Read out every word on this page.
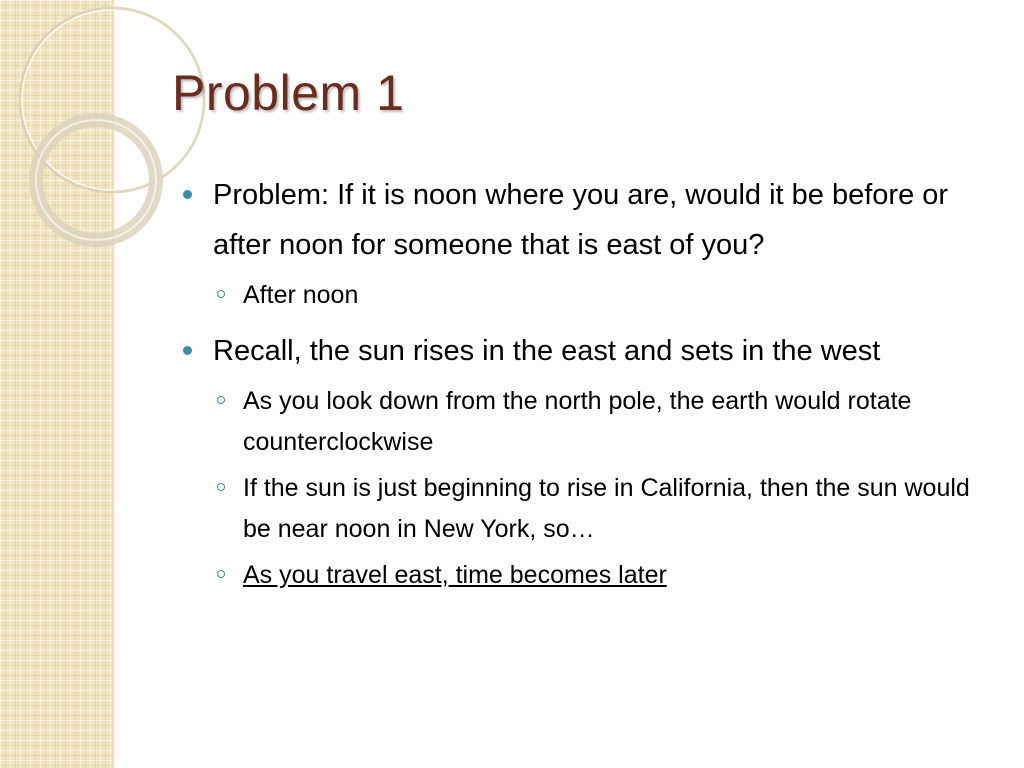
Problem 1
Problem: If it is noon where you are, would it be before or after noon for someone that is east of you?
After noon
Recall, the sun rises in the east and sets in the west
As you look down from the north pole, the earth would rotate counterclockwise
If the sun is just beginning to rise in California, then the sun would be near noon in New York, so…
As you travel east, time becomes later
